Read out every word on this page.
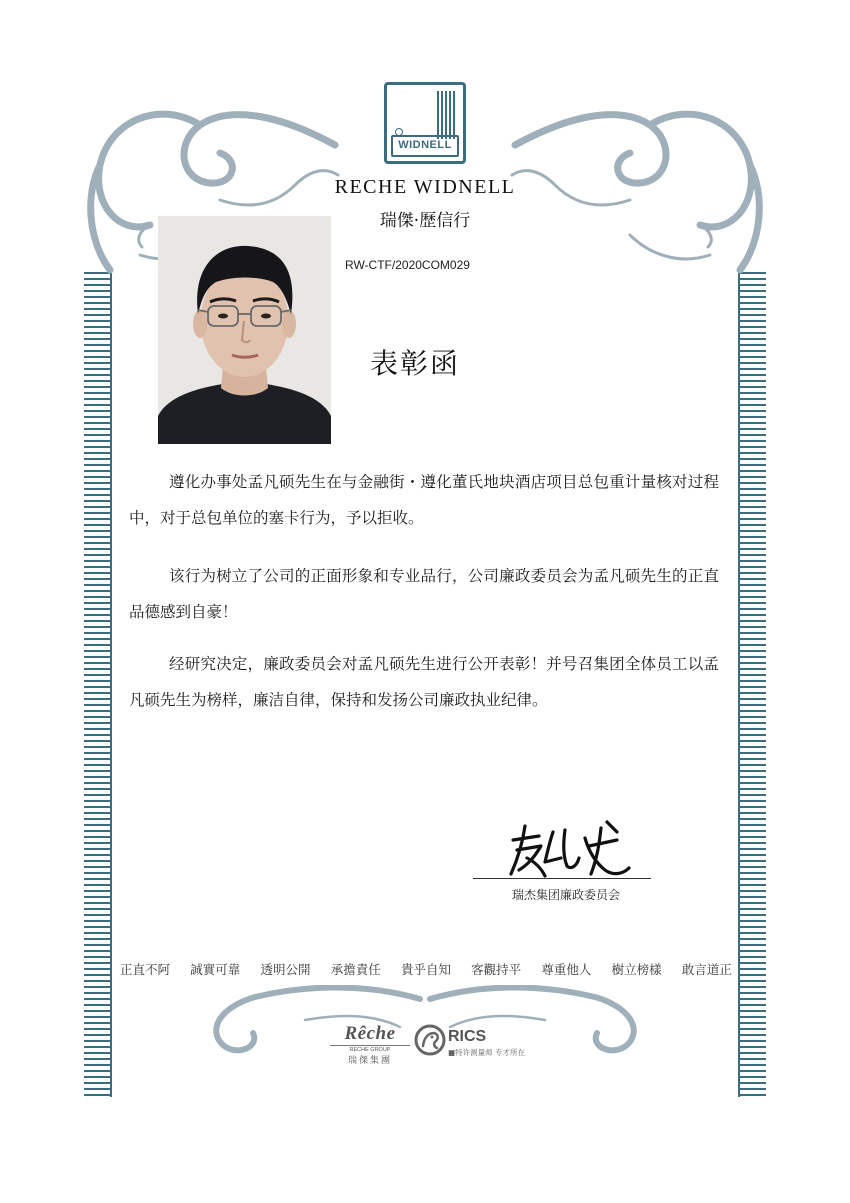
WIDNELL
RECHE WIDNELL
瑞傑·歷信行
RW-CTF/2020COM029
表彰函

遵化办事处孟凡硕先生在与金融街・遵化董氏地块酒店项目总包重计量核对过程中，对于总包单位的塞卡行为，予以拒收。

该行为树立了公司的正面形象和专业品行，公司廉政委员会为孟凡硕先生的正直品德感到自豪！

经研究决定，廉政委员会对孟凡硕先生进行公开表彰！并号召集团全体员工以孟凡硕先生为榜样，廉洁自律，保持和发扬公司廉政执业纪律。

瑞杰集团廉政委员会
正直不阿 誠實可靠 透明公開 承擔責任 貴乎自知 客觀持平 尊重他人 樹立榜樣 敢言道正
Rêche
RECHE GROUP
瑞傑集團
RICS
■特许测量师 专才所在
